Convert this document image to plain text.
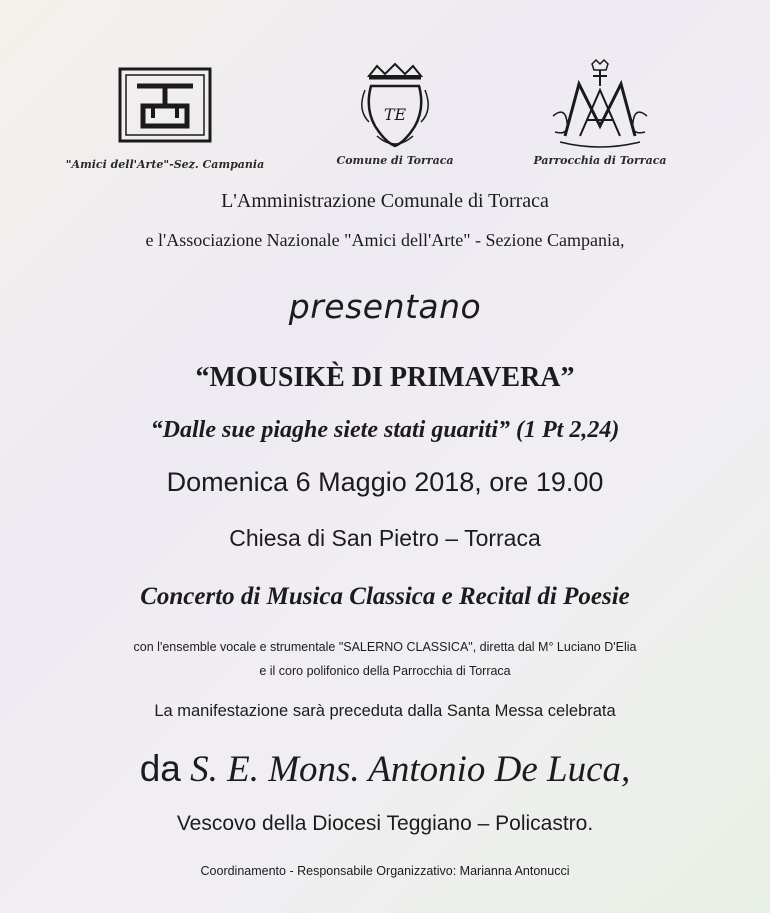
"Amici dell'Arte"-Sez. Campania
TE
Comune di Torraca	Parrocchia di Torraca
L'Amministrazione Comunale di Torraca
e l'Associazione Nazionale "Amici dell'Arte" - Sezione Campania,
presentano
“MOUSIKÈ DI PRIMAVERA”
“Dalle sue piaghe siete stati guariti” (1 Pt 2,24)
Domenica 6 Maggio 2018, ore 19.00
Chiesa di San Pietro – Torraca
Concerto di Musica Classica e Recital di Poesie
con l'ensemble vocale e strumentale "SALERNO CLASSICA", diretta dal M° Luciano D'Elia
e il coro polifonico della Parrocchia di Torraca
La manifestazione sarà preceduta dalla Santa Messa celebrata
da S. E. Mons. Antonio De Luca,
Vescovo della Diocesi Teggiano – Policastro.
Coordinamento - Responsabile Organizzativo: Marianna Antonucci
